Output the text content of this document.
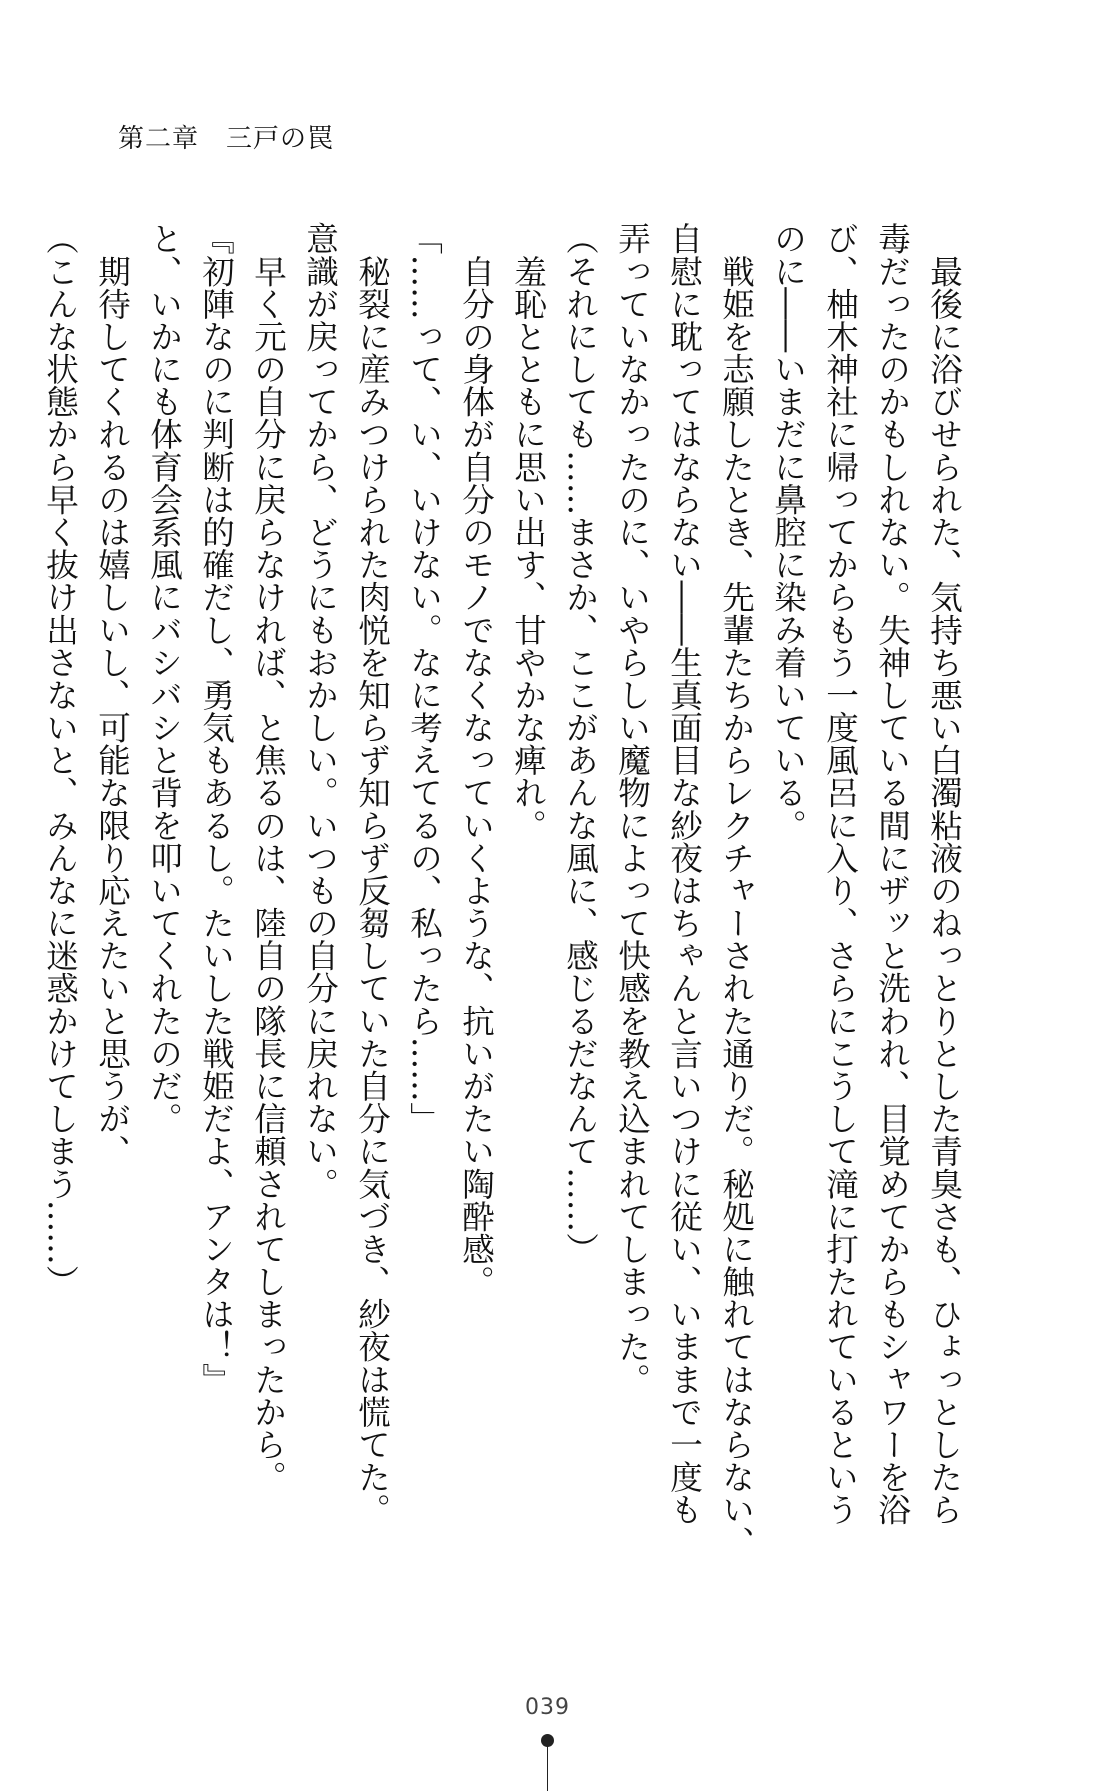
第二章　三戸の罠
　最後に浴びせられた、気持ち悪い白濁粘液のねっとりとした青臭さも、ひょっとしたら
毒だったのかもしれない。失神している間にザッと洗われ、目覚めてからもシャワーを浴
び、柚木神社に帰ってからもう一度風呂に入り、さらにこうして滝に打たれているという
のに――いまだに鼻腔に染み着いている。
　戦姫を志願したとき、先輩たちからレクチャーされた通りだ。秘処に触れてはならない、
自慰に耽ってはならない――生真面目な紗夜はちゃんと言いつけに従い、いままで一度も
弄っていなかったのに、いやらしい魔物によって快感を教え込まれてしまった。
（それにしても……まさか、ここがあんな風に、感じるだなんて……）
　羞恥とともに思い出す、甘やかな痺れ。
　自分の身体が自分のモノでなくなっていくような、抗いがたい陶酔感。
「……って、い、いけない。なに考えてるの、私ったら……」
　秘裂に産みつけられた肉悦を知らず知らず反芻していた自分に気づき、紗夜は慌てた。
意識が戻ってから、どうにもおかしい。いつもの自分に戻れない。
　早く元の自分に戻らなければ、と焦るのは、陸自の隊長に信頼されてしまったから。
『初陣なのに判断は的確だし、勇気もあるし。たいした戦姫だよ、アンタは！』
と、いかにも体育会系風にバシバシと背を叩いてくれたのだ。
　期待してくれるのは嬉しいし、可能な限り応えたいと思うが、
（こんな状態から早く抜け出さないと、みんなに迷惑かけてしまう……）
039
